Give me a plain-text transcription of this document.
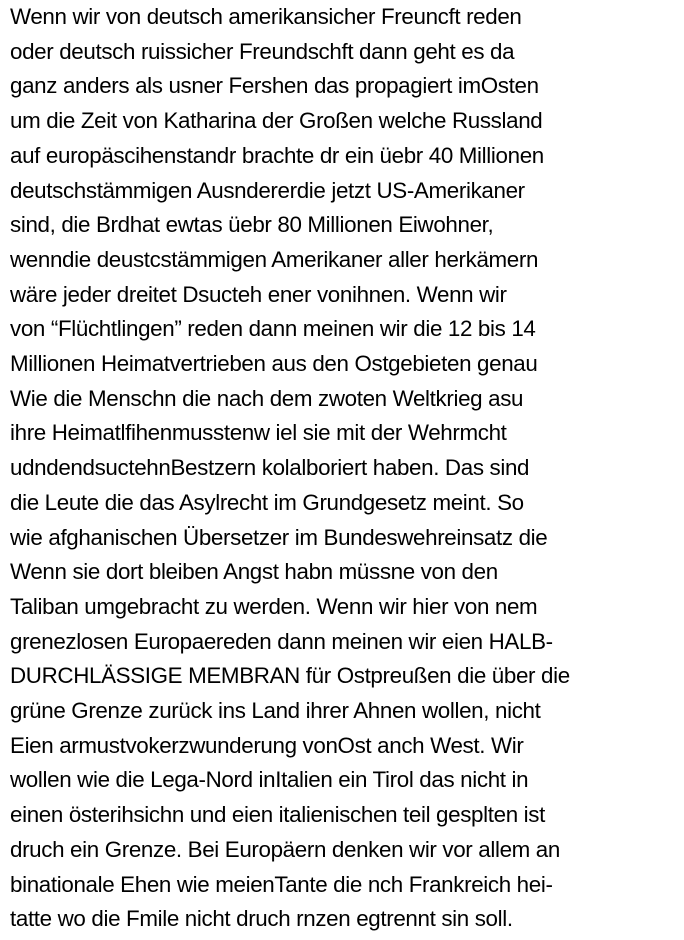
Wenn wir von deutsch amerikansicher Freuncft reden
oder deutsch ruissicher Freundschft dann geht es da
ganz anders als usner Fershen das propagiert imOsten
um die Zeit von Katharina der Großen welche Russland
auf europäscihenstandr brachte dr ein üebr 40 Millionen
deutschstämmigen Ausndererdie jetzt US-Amerikaner
sind, die Brdhat ewtas üebr 80 Millionen Eiwohner,
wenndie deustcstämmigen Amerikaner aller herkämern
wäre jeder dreitet Dsucteh ener vonihnen. Wenn wir
von “Flüchtlingen” reden dann meinen wir die 12 bis 14
Millionen Heimatvertrieben aus den Ostgebieten genau
Wie die Menschn die nach dem zwoten Weltkrieg asu
ihre Heimatlfihenmusstenw iel sie mit der Wehrmcht
udndendsuctehnBestzern kolalboriert haben. Das sind
die Leute die das Asylrecht im Grundgesetz meint. So
wie afghanischen Übersetzer im Bundeswehreinsatz die
Wenn sie dort bleiben Angst habn müssne von den
Taliban umgebracht zu werden. Wenn wir hier von nem
grenezlosen Europaereden dann meinen wir eien HALB-
DURCHLÄSSIGE MEMBRAN für Ostpreußen die über die
grüne Grenze zurück ins Land ihrer Ahnen wollen, nicht
Eien armustvokerzwunderung vonOst anch West. Wir
wollen wie die Lega-Nord inItalien ein Tirol das nicht in
einen österihsichn und eien italienischen teil gesplten ist
druch ein Grenze. Bei Europäern denken wir vor allem an
binationale Ehen wie meienTante die nch Frankreich hei-
tatte wo die Fmile nicht druch rnzen egtrennt sin soll.
